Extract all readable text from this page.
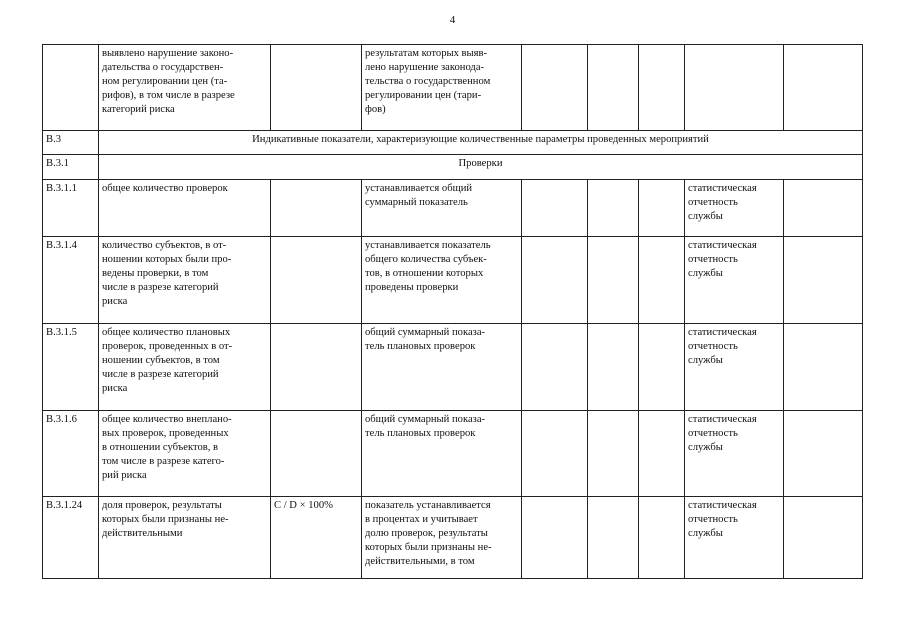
4
	выявлено нарушение законо-
дательства о государствен-
ном регулировании цен (та-
рифов), в том числе в разрезе
категорий риска		результатам которых выяв-
лено нарушение законода-
тельства о государственном
регулировании цен (тари-
фов)					
В.3	Индикативные показатели, характеризующие количественные параметры проведенных мероприятий							
В.3.1	Проверки							
В.3.1.1	общее количество проверок		устанавливается общий
суммарный показатель				статистическая
отчетность
службы	
В.3.1.4	количество субъектов, в от-
ношении которых были про-
ведены проверки, в том
числе в разрезе категорий
риска		устанавливается показатель
общего количества субъек-
тов, в отношении которых
проведены проверки				статистическая
отчетность
службы	
В.3.1.5	общее количество плановых
проверок, проведенных в от-
ношении субъектов, в том
числе в разрезе категорий
риска		общий суммарный показа-
тель плановых проверок				статистическая
отчетность
службы	
В.3.1.6	общее количество внеплано-
вых проверок, проведенных
в отношении субъектов, в
том числе в разрезе катего-
рий риска		общий суммарный показа-
тель плановых проверок				статистическая
отчетность
службы	
В.3.1.24	доля проверок, результаты
которых были признаны не-
действительными	C / D × 100%	показатель устанавливается
в процентах и учитывает
долю проверок, результаты
которых были признаны не-
действительными, в том				статистическая
отчетность
службы	
